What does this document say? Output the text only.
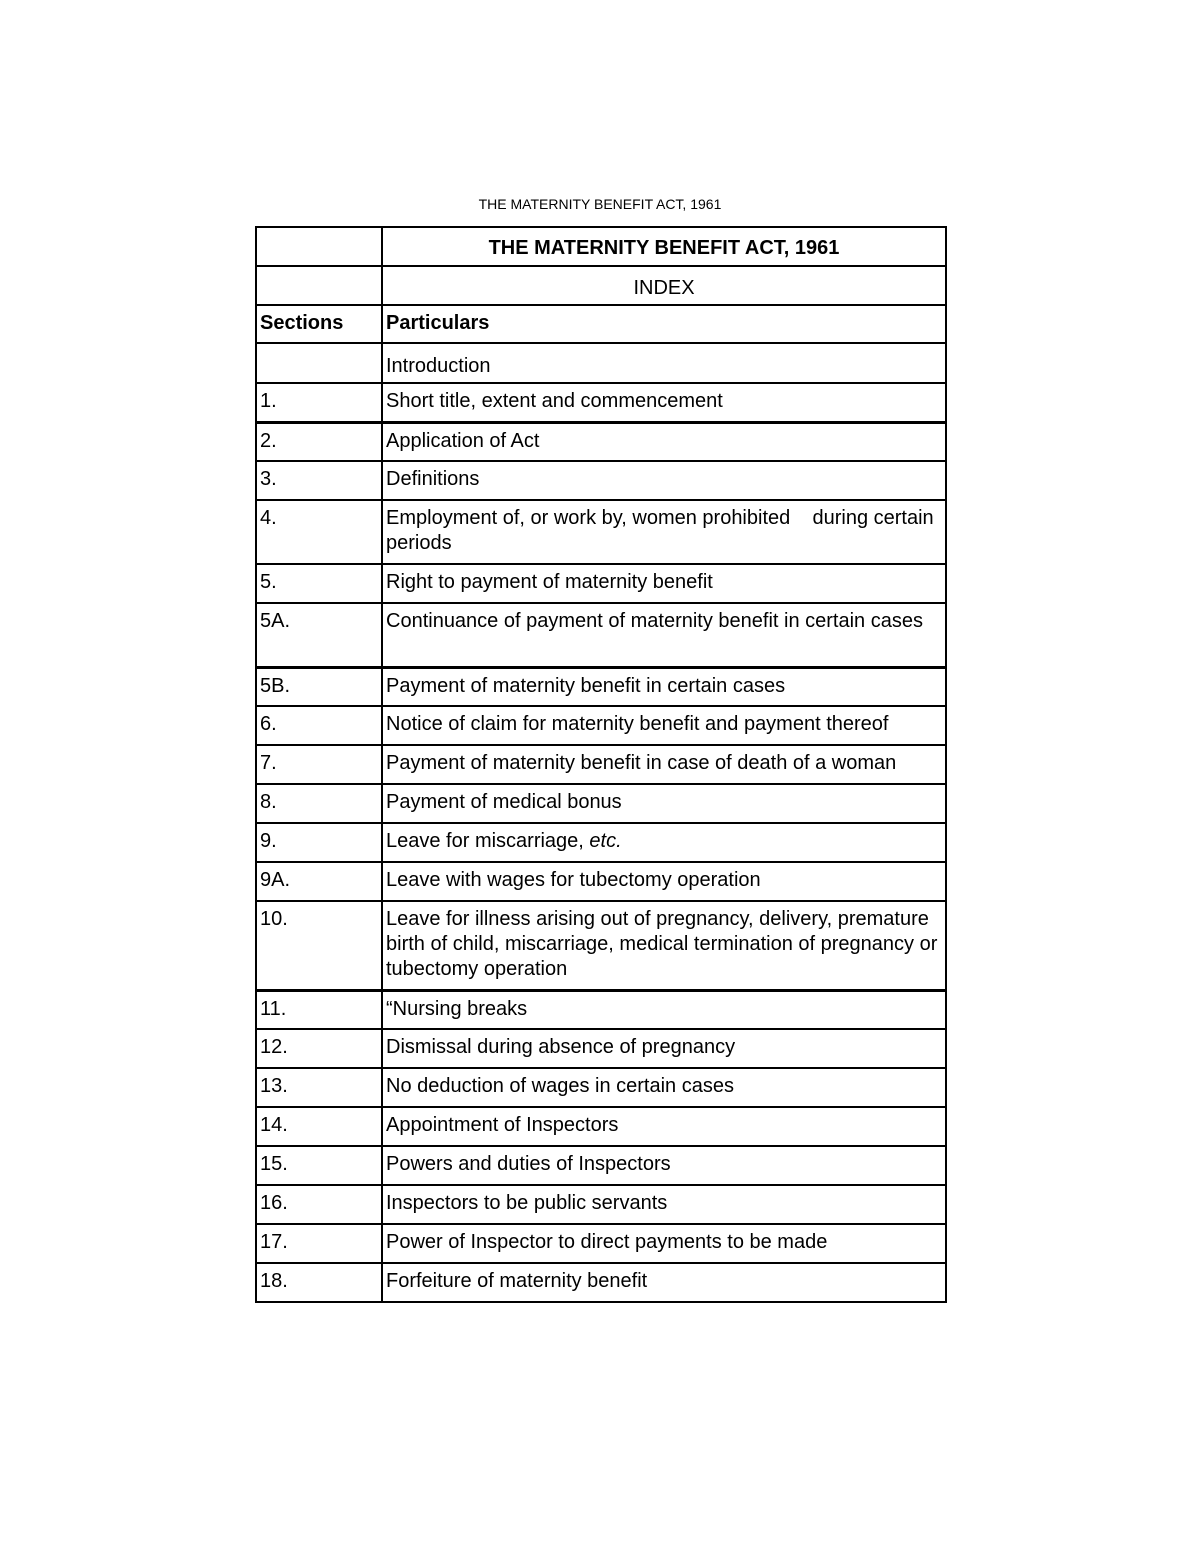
THE MATERNITY BENEFIT ACT, 1961
	THE MATERNITY BENEFIT ACT, 1961
	INDEX
Sections	Particulars
	Introduction
1.	Short title, extent and commencement
2.	Application of Act
3.	Definitions
4.	Employment of, or work by, women prohibited    during certain periods
5.	Right to payment of maternity benefit
5A.	Continuance of payment of maternity benefit in certain cases
5B.	Payment of maternity benefit in certain cases
6.	Notice of claim for maternity benefit and payment thereof
7.	Payment of maternity benefit in case of death of a woman
8.	Payment of medical bonus
9.	Leave for miscarriage, etc.
9A.	Leave with wages for tubectomy operation
10.	Leave for illness arising out of pregnancy, delivery, premature birth of child, miscarriage, medical termination of pregnancy or tubectomy operation
11.	“Nursing breaks
12.	Dismissal during absence of pregnancy
13.	No deduction of wages in certain cases
14.	Appointment of Inspectors
15.	Powers and duties of Inspectors
16.	Inspectors to be public servants
17.	Power of Inspector to direct payments to be made
18.	Forfeiture of maternity benefit
